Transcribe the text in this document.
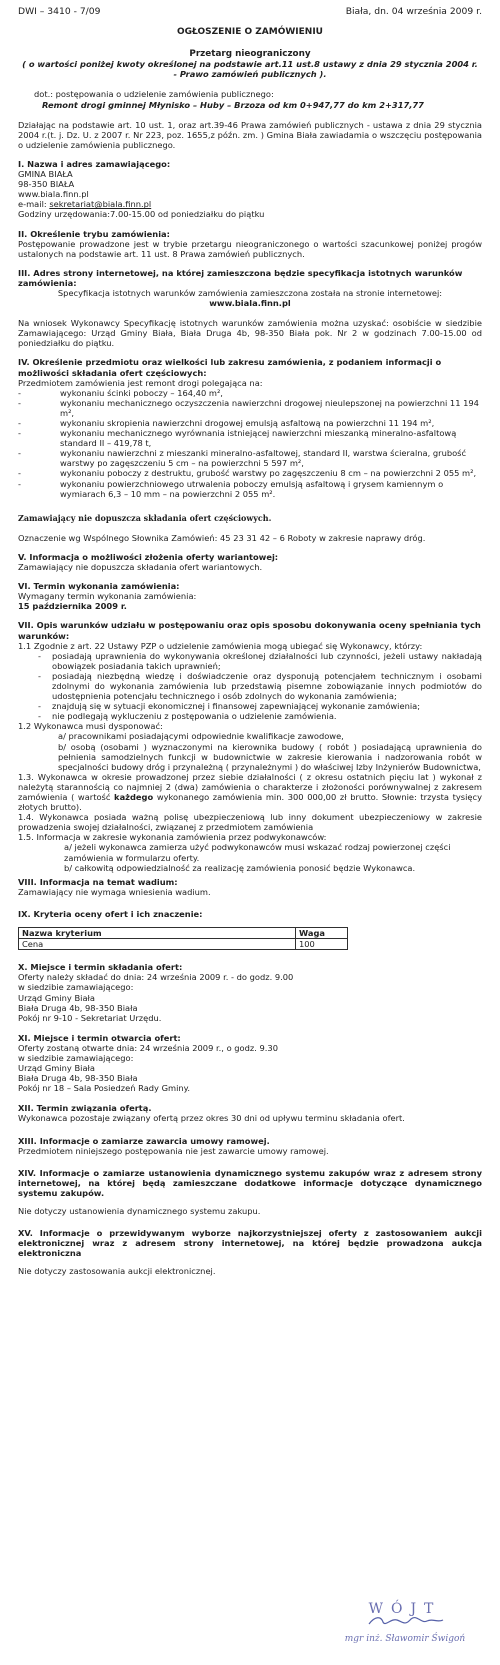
DWI – 3410 - 7/09	Biała, dn. 04 września 2009 r.
OGŁOSZENIE O ZAMÓWIENIU
Przetarg nieograniczony
( o wartości poniżej kwoty określonej na podstawie art.11 ust.8 ustawy z dnia 29 stycznia 2004 r.
- Prawo zamówień publicznych ).
dot.: postępowania o udzielenie zamówienia publicznego:
Remont drogi gminnej Młynisko – Huby – Brzoza od km 0+947,77 do km 2+317,77

Działając na podstawie art. 10 ust. 1, oraz art.39-46 Prawa zamówień publicznych - ustawa z dnia 29 stycznia 2004 r.(t. j. Dz. U. z 2007 r. Nr 223, poz. 1655,z późn. zm. ) Gmina Biała zawiadamia o wszczęciu postępowania o udzielenie zamówienia publicznego.

I. Nazwa i adres zamawiającego:
GMINA BIAŁA
98-350 BIAŁA
www.biala.finn.pl
e-mail: sekretariat@biala.finn.pl
Godziny urzędowania:7.00-15.00 od poniedziałku do piątku
II. Określenie trybu zamówienia:

Postępowanie prowadzone jest w trybie przetargu nieograniczonego o wartości szacunkowej poniżej progów ustalonych na podstawie art. 11 ust. 8 Prawa zamówień publicznych.

III. Adres strony internetowej, na której zamieszczona będzie specyfikacja istotnych warunków zamówienia:
Specyfikacja istotnych warunków zamówienia zamieszczona została na stronie internetowej:
www.biala.finn.pl

Na wniosek Wykonawcy Specyfikację istotnych warunków zamówienia można uzyskać: osobiście w siedzibie Zamawiającego: Urząd Gminy Biała, Biała Druga 4b, 98-350 Biała pok. Nr 2 w godzinach 7.00-15.00 od poniedziałku do piątku.

IV. Określenie przedmiotu oraz wielkości lub zakresu zamówienia, z podaniem informacji o możliwości składania ofert częściowych:
Przedmiotem zamówienia jest remont drogi polegająca na:
-	wykonaniu ścinki poboczy – 164,40 m²,
-	wykonaniu mechanicznego oczyszczenia nawierzchni drogowej nieulepszonej na powierzchni 11 194 m²,
-	wykonaniu skropienia nawierzchni drogowej emulsją asfaltową na powierzchni 11 194 m²,
-	wykonaniu mechanicznego wyrównania istniejącej nawierzchni mieszanką mineralno-asfaltową standard II – 419,78 t,
-	wykonaniu nawierzchni z mieszanki mineralno-asfaltowej, standard II, warstwa ścieralna, grubość warstwy po zagęszczeniu 5 cm – na powierzchni 5 597 m²,
-	wykonaniu poboczy z destruktu, grubość warstwy po zagęszczeniu 8 cm – na powierzchni 2 055 m²,
-	wykonaniu powierzchniowego utrwalenia poboczy emulsją asfaltową i grysem kamiennym o wymiarach 6,3 – 10 mm – na powierzchni 2 055 m².
Zamawiający nie dopuszcza składania ofert częściowych.
Oznaczenie wg Wspólnego Słownika Zamówień: 45 23 31 42 – 6 Roboty w zakresie naprawy dróg.
V. Informacja o możliwości złożenia oferty wariantowej:
Zamawiający nie dopuszcza składania ofert wariantowych.
VI. Termin wykonania zamówienia:
Wymagany termin wykonania zamówienia:
15 października 2009 r.
VII. Opis warunków udziału w postępowaniu oraz opis sposobu dokonywania oceny spełniania tych warunków:
1.1 Zgodnie z art. 22 Ustawy PZP o udzielenie zamówienia mogą ubiegać się Wykonawcy, którzy:
-	posiadają uprawnienia do wykonywania określonej działalności lub czynności, jeżeli ustawy nakładają obowiązek posiadania takich uprawnień;
-	posiadają niezbędną wiedzę i doświadczenie oraz dysponują potencjałem technicznym i osobami zdolnymi do wykonania zamówienia lub przedstawią pisemne zobowiązanie innych podmiotów do udostępnienia potencjału technicznego i osób zdolnych do wykonania zamówienia;
-	znajdują się w sytuacji ekonomicznej i finansowej zapewniającej wykonanie zamówienia;
-	nie podlegają wykluczeniu z postępowania o udzielenie zamówienia.
1.2 Wykonawca musi dysponować:
a/ pracownikami posiadającymi odpowiednie kwalifikacje zawodowe,
b/ osobą (osobami ) wyznaczonymi na kierownika budowy ( robót ) posiadającą uprawnienia do pełnienia samodzielnych funkcji w budownictwie w zakresie kierowania i nadzorowania robót w specjalności budowy dróg i przynależną ( przynależnymi ) do właściwej Izby Inżynierów Budownictwa,

1.3. Wykonawca w okresie prowadzonej przez siebie działalności ( z okresu ostatnich pięciu lat ) wykonał z należytą starannością co najmniej 2 (dwa) zamówienia o charakterze i złożoności porównywalnej z zakresem zamówienia ( wartość każdego wykonanego zamówienia min. 300 000,00 zł brutto. Słownie: trzysta tysięcy złotych brutto).

1.4. Wykonawca posiada ważną polisę ubezpieczeniową lub inny dokument ubezpieczeniowy w zakresie prowadzenia swojej działalności, związanej z przedmiotem zamówienia

1.5. Informacja w zakresie wykonania zamówienia przez podwykonawców:
a/ jeżeli wykonawca zamierza użyć podwykonawców musi wskazać rodzaj powierzonej części zamówienia w formularzu oferty.
b/ całkowitą odpowiedzialność za realizację zamówienia ponosić będzie Wykonawca.
VIII. Informacja na temat wadium:
Zamawiający nie wymaga wniesienia wadium.
IX. Kryteria oceny ofert i ich znaczenie:
Nazwa kryterium	Waga
Cena	100
X. Miejsce i termin składania ofert:
Oferty należy składać do dnia: 24 września 2009 r. - do godz. 9.00
w siedzibie zamawiającego:
Urząd Gminy Biała
Biała Druga 4b, 98-350 Biała
Pokój nr 9-10 - Sekretariat Urzędu.
XI. Miejsce i termin otwarcia ofert:
Oferty zostaną otwarte dnia: 24 września 2009 r., o godz. 9.30
w siedzibie zamawiającego:
Urząd Gminy Biała
Biała Druga 4b, 98-350 Biała
Pokój nr 18 – Sala Posiedzeń Rady Gminy.
XII. Termin związania ofertą.
Wykonawca pozostaje związany ofertą przez okres 30 dni od upływu terminu składania ofert.
XIII. Informacje o zamiarze zawarcia umowy ramowej.
Przedmiotem niniejszego postępowania nie jest zawarcie umowy ramowej.
XIV. Informacje o zamiarze ustanowienia dynamicznego systemu zakupów wraz z adresem strony internetowej, na której będą zamieszczane dodatkowe informacje dotyczące dynamicznego systemu zakupów.
Nie dotyczy ustanowienia dynamicznego systemu zakupu.
XV. Informacje o przewidywanym wyborze najkorzystniejszej oferty z zastosowaniem aukcji elektronicznej wraz z adresem strony internetowej, na której będzie prowadzona aukcja elektroniczna
Nie dotyczy zastosowania aukcji elektronicznej.
WÓJT
mgr inż. Sławomir Świgoń
